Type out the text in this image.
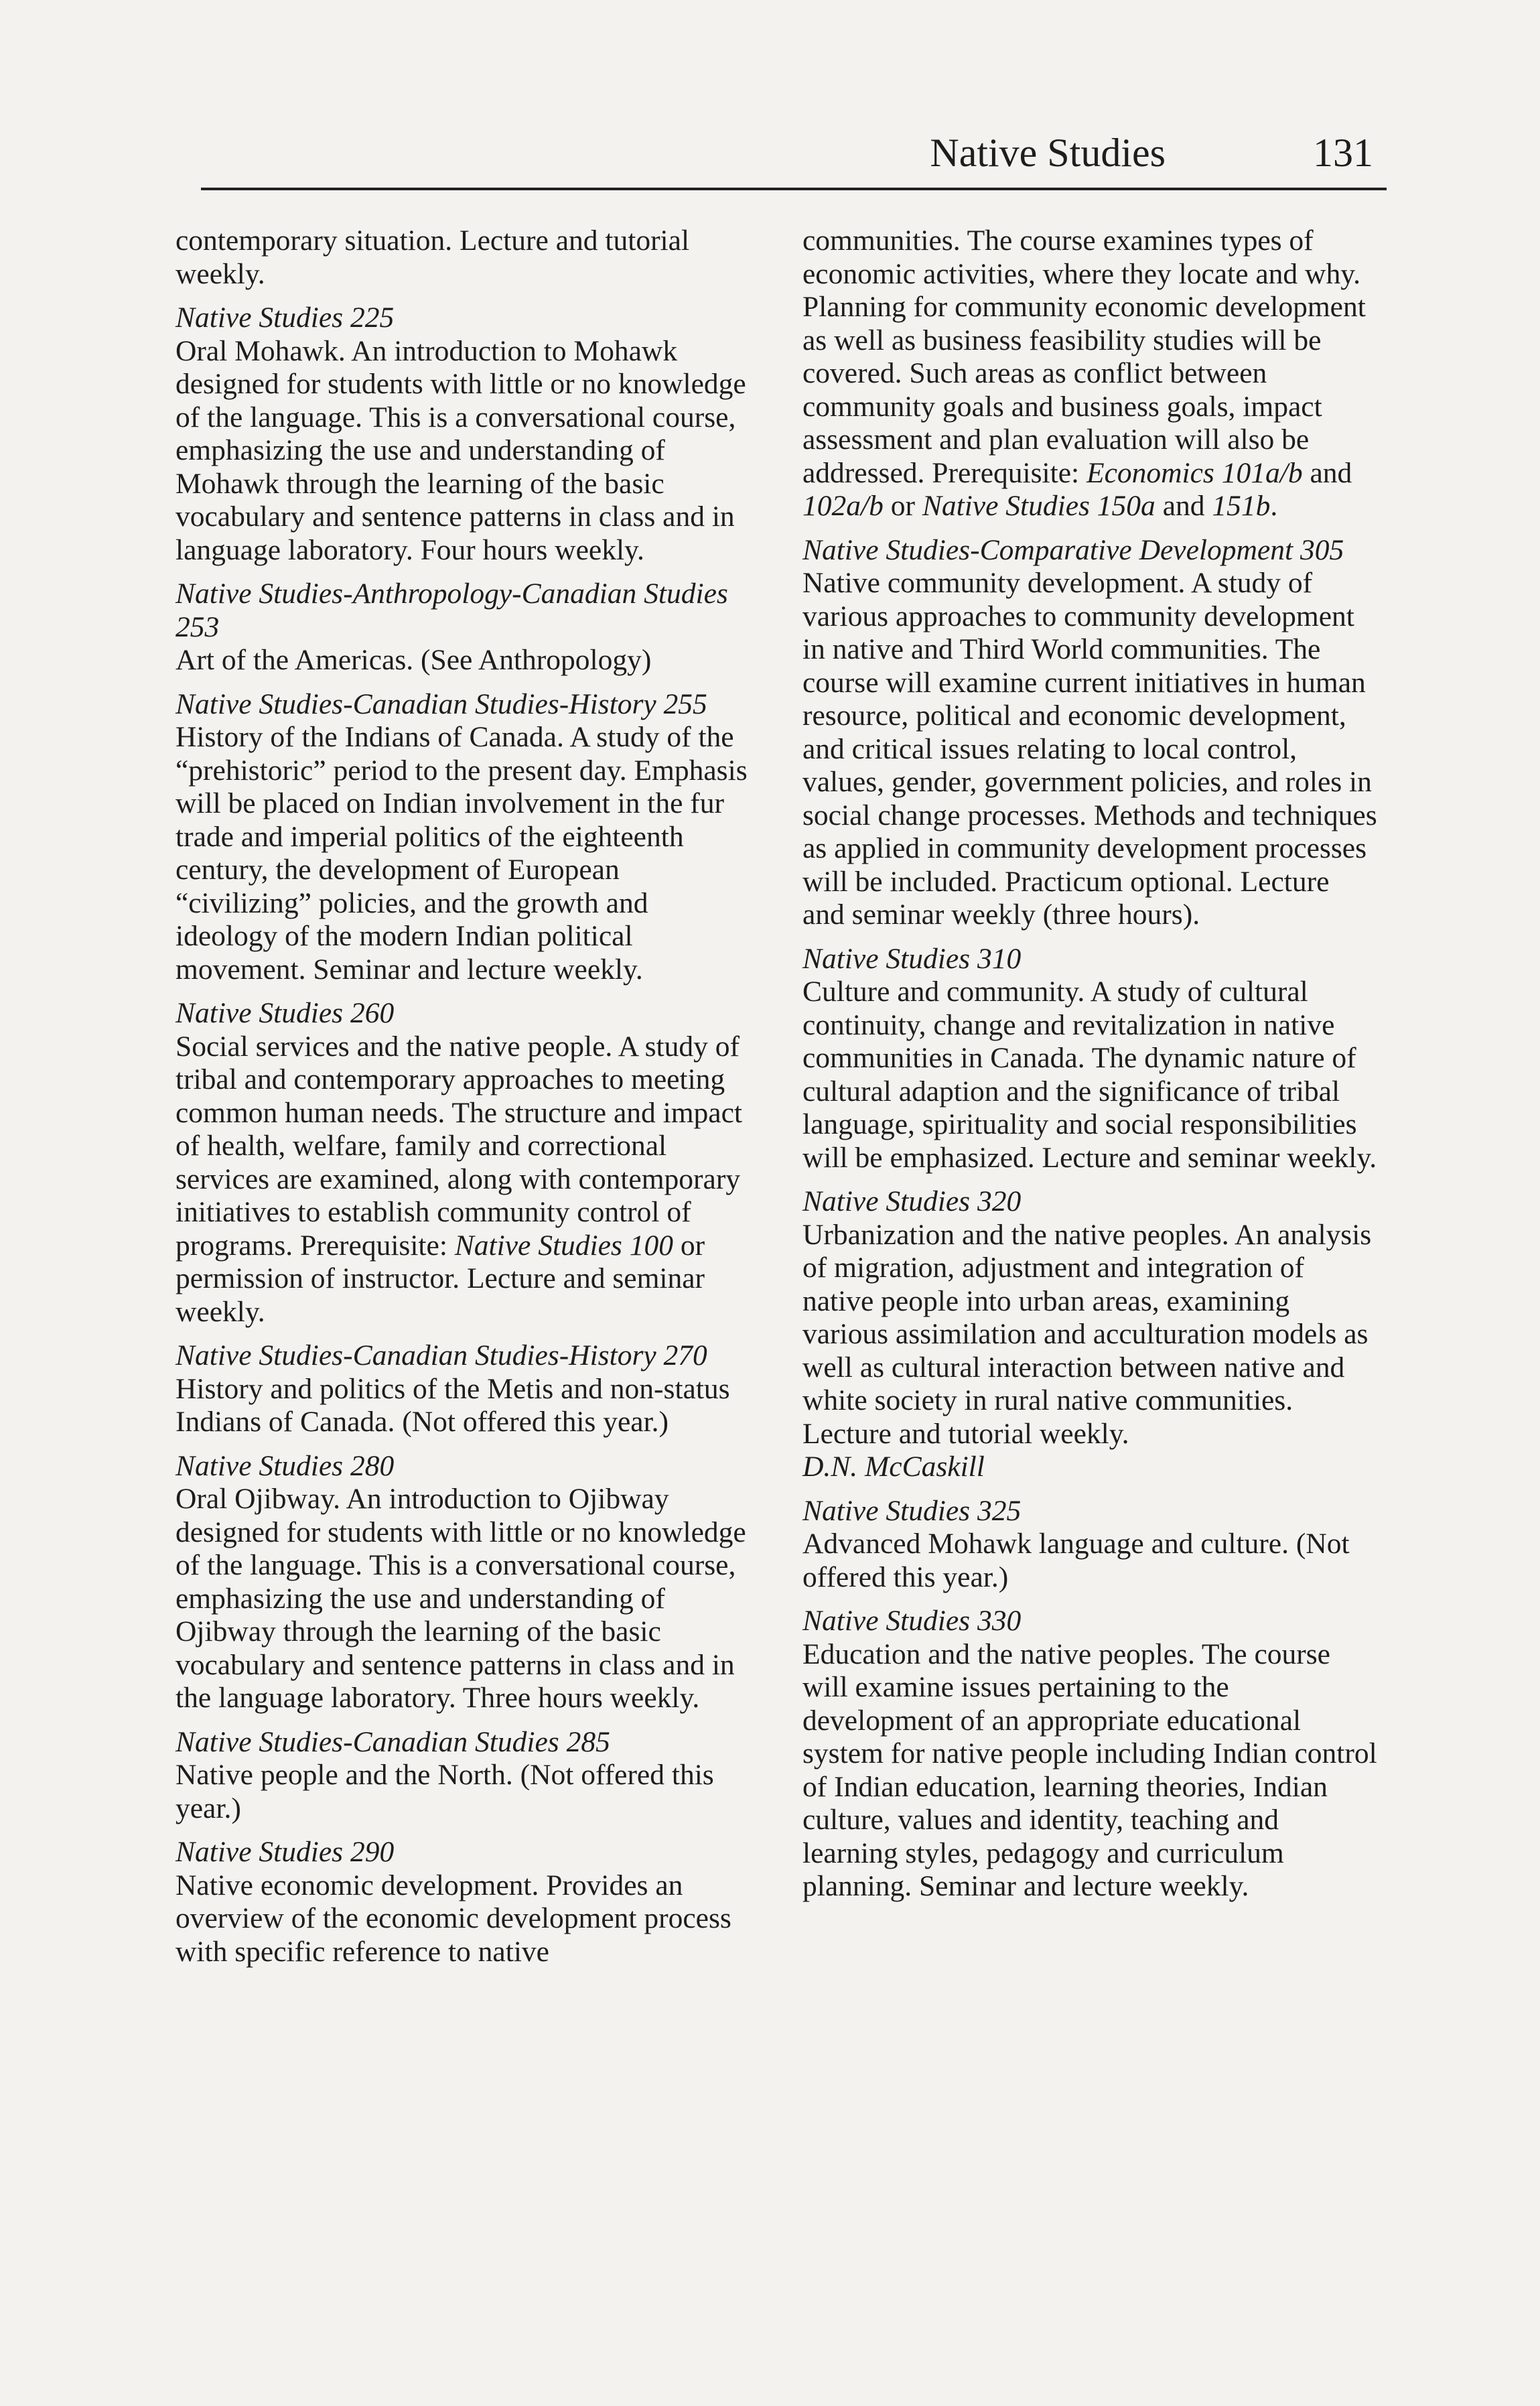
Native Studies	131

contemporary situation. Lecture and tutorial weekly.

Native Studies 225

Oral Mohawk. An introduction to Mohawk designed for students with little or no knowledge of the language. This is a conversational course, emphasizing the use and understanding of Mohawk through the learning of the basic vocabulary and sentence patterns in class and in language laboratory. Four hours weekly.

Native Studies-Anthropology-Canadian Studies 253

Art of the Americas. (See Anthropology)

Native Studies-Canadian Studies-History 255

History of the Indians of Canada. A study of the “prehistoric” period to the present day. Emphasis will be placed on Indian involvement in the fur trade and imperial politics of the eighteenth century, the development of European “civilizing” policies, and the growth and ideology of the modern Indian political movement. Seminar and lecture weekly.

Native Studies 260

Social services and the native people. A study of tribal and contemporary approaches to meeting common human needs. The structure and impact of health, welfare, family and correctional services are examined, along with contemporary initiatives to establish community control of programs. Prerequisite: Native Studies 100 or permission of instructor. Lecture and seminar weekly.

Native Studies-Canadian Studies-History 270

History and politics of the Metis and non-status Indians of Canada. (Not offered this year.)

Native Studies 280

Oral Ojibway. An introduction to Ojibway designed for students with little or no knowledge of the language. This is a conversational course, emphasizing the use and understanding of Ojibway through the learning of the basic vocabulary and sentence patterns in class and in the language laboratory. Three hours weekly.

Native Studies-Canadian Studies 285

Native people and the North. (Not offered this year.)

Native Studies 290

Native economic development. Provides an overview of the economic development process with specific reference to native

communities. The course examines types of economic activities, where they locate and why. Planning for community economic development as well as business feasibility studies will be covered. Such areas as conflict between community goals and business goals, impact assessment and plan evaluation will also be addressed. Prerequisite: Economics 101a/b and 102a/b or Native Studies 150a and 151b.

Native Studies-Comparative Development 305

Native community development. A study of various approaches to community development in native and Third World communities. The course will examine current initiatives in human resource, political and economic development, and critical issues relating to local control, values, gender, government policies, and roles in social change processes. Methods and techniques as applied in community development processes will be included. Practicum optional. Lecture and seminar weekly (three hours).

Native Studies 310

Culture and community. A study of cultural continuity, change and revitalization in native communities in Canada. The dynamic nature of cultural adaption and the significance of tribal language, spirituality and social responsibilities will be emphasized. Lecture and seminar weekly.

Native Studies 320

Urbanization and the native peoples. An analysis of migration, adjustment and integration of native people into urban areas, examining various assimilation and acculturation models as well as cultural interaction between native and white society in rural native communities. Lecture and tutorial weekly.

D.N. McCaskill

Native Studies 325

Advanced Mohawk language and culture. (Not offered this year.)

Native Studies 330

Education and the native peoples. The course will examine issues pertaining to the development of an appropriate educational system for native people including Indian control of Indian education, learning theories, Indian culture, values and identity, teaching and learning styles, pedagogy and curriculum planning. Seminar and lecture weekly.
